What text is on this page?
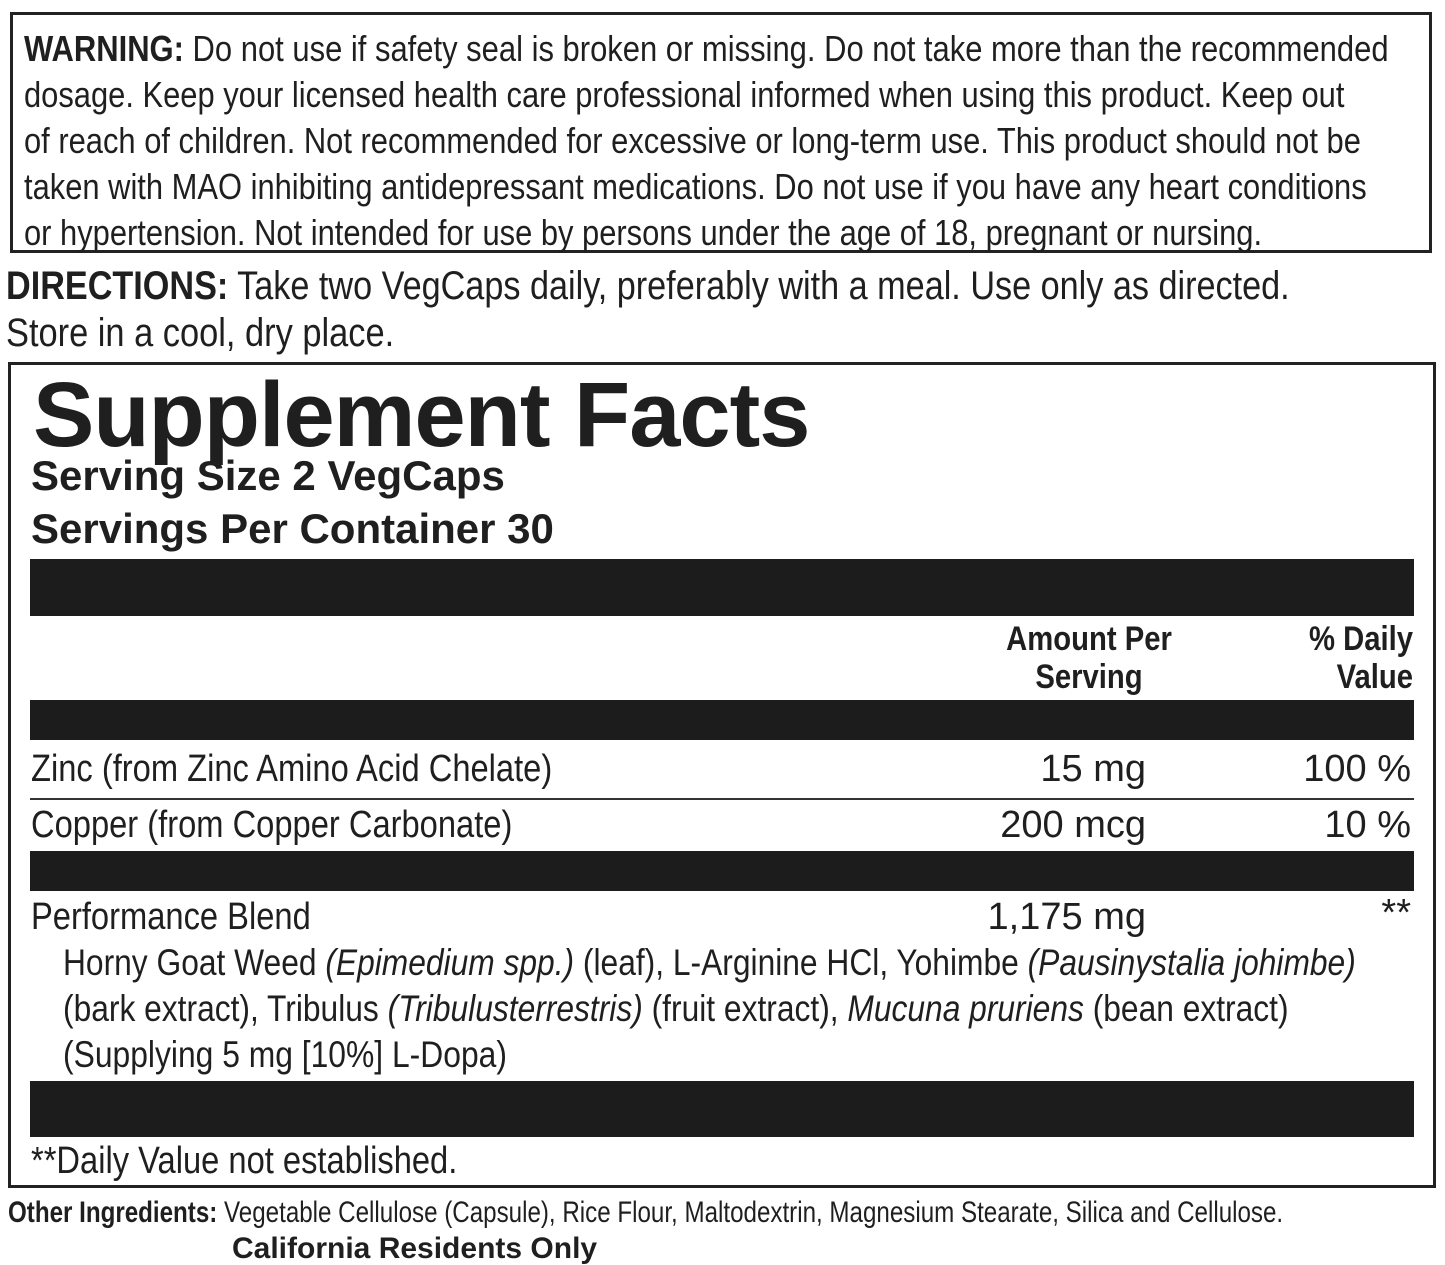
WARNING: Do not use if safety seal is broken or missing. Do not take more than the recommended
dosage. Keep your licensed health care professional informed when using this product. Keep out
of reach of children. Not recommended for excessive or long-term use. This product should not be
taken with MAO inhibiting antidepressant medications. Do not use if you have any heart conditions
or hypertension. Not intended for use by persons under the age of 18, pregnant or nursing.
DIRECTIONS: Take two VegCaps daily, preferably with a meal. Use only as directed.
Store in a cool, dry place.
Supplement Facts
Serving Size 2 VegCaps
Servings Per Container 30
Amount Per
Serving
% Daily
Value
Zinc (from Zinc Amino Acid Chelate)	15 mg	100 %
Copper (from Copper Carbonate)	200 mcg	10 %
Performance Blend	1,175 mg	**
Horny Goat Weed (Epimedium spp.) (leaf), L-Arginine HCl, Yohimbe (Pausinystalia johimbe)
(bark extract), Tribulus (Tribulusterrestris) (fruit extract), Mucuna pruriens (bean extract)
(Supplying 5 mg [10%] L-Dopa)
**Daily Value not established.
Other Ingredients: Vegetable Cellulose (Capsule), Rice Flour, Maltodextrin, Magnesium Stearate, Silica and Cellulose.
California Residents Only
